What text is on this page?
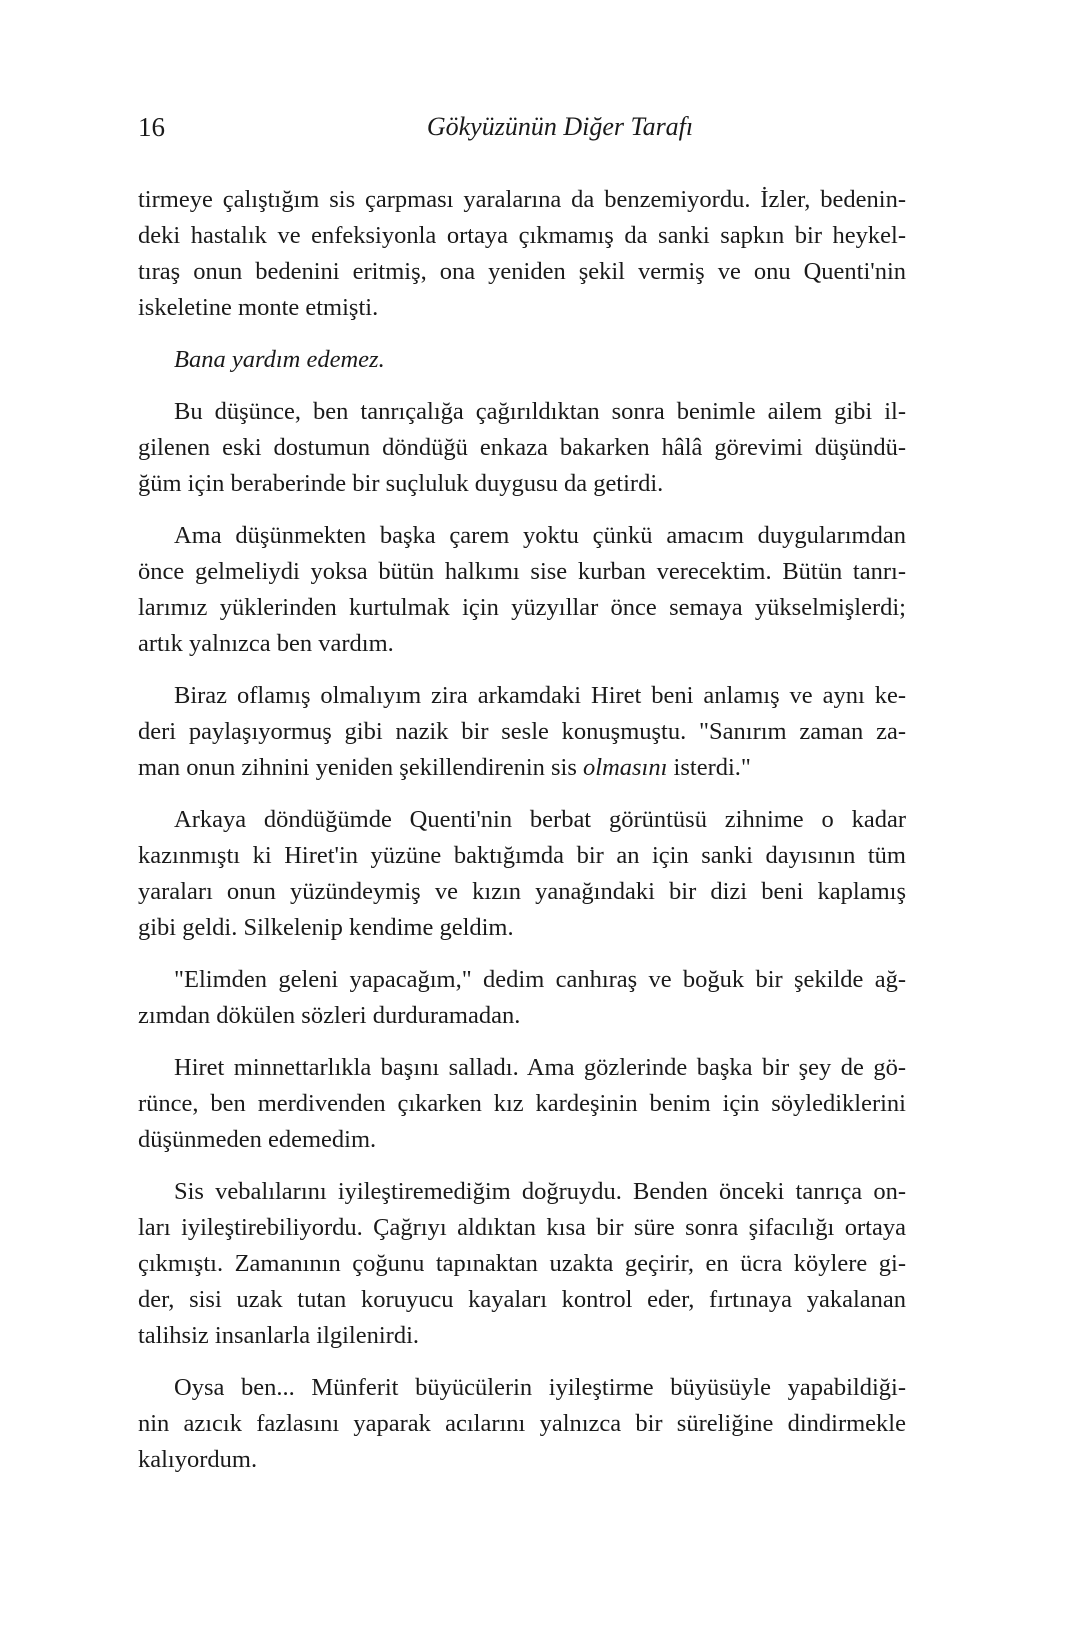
16	Gökyüzünün Diğer Tarafı
tirmeye çalıştığım sis çarpması yaralarına da benzemiyordu. İzler, bedenin-
deki hastalık ve enfeksiyonla ortaya çıkmamış da sanki sapkın bir heykel-
tıraş onun bedenini eritmiş, ona yeniden şekil vermiş ve onu Quenti'nin
iskeletine monte etmişti.
Bana yardım edemez.
Bu düşünce, ben tanrıçalığa çağırıldıktan sonra benimle ailem gibi il-
gilenen eski dostumun döndüğü enkaza bakarken hâlâ görevimi düşündü-
ğüm için beraberinde bir suçluluk duygusu da getirdi.
Ama düşünmekten başka çarem yoktu çünkü amacım duygularımdan
önce gelmeliydi yoksa bütün halkımı sise kurban verecektim. Bütün tanrı-
larımız yüklerinden kurtulmak için yüzyıllar önce semaya yükselmişlerdi;
artık yalnızca ben vardım.
Biraz oflamış olmalıyım zira arkamdaki Hiret beni anlamış ve aynı ke-
deri paylaşıyormuş gibi nazik bir sesle konuşmuştu. "Sanırım zaman za-
man onun zihnini yeniden şekillendirenin sis olmasını isterdi."
Arkaya döndüğümde Quenti'nin berbat görüntüsü zihnime o kadar
kazınmıştı ki Hiret'in yüzüne baktığımda bir an için sanki dayısının tüm
yaraları onun yüzündeymiş ve kızın yanağındaki bir dizi beni kaplamış
gibi geldi. Silkelenip kendime geldim.
"Elimden geleni yapacağım," dedim canhıraş ve boğuk bir şekilde ağ-
zımdan dökülen sözleri durduramadan.
Hiret minnettarlıkla başını salladı. Ama gözlerinde başka bir şey de gö-
rünce, ben merdivenden çıkarken kız kardeşinin benim için söylediklerini
düşünmeden edemedim.
Sis vebalılarını iyileştiremediğim doğruydu. Benden önceki tanrıça on-
ları iyileştirebiliyordu. Çağrıyı aldıktan kısa bir süre sonra şifacılığı ortaya
çıkmıştı. Zamanının çoğunu tapınaktan uzakta geçirir, en ücra köylere gi-
der, sisi uzak tutan koruyucu kayaları kontrol eder, fırtınaya yakalanan
talihsiz insanlarla ilgilenirdi.
Oysa ben... Münferit büyücülerin iyileştirme büyüsüyle yapabildiği-
nin azıcık fazlasını yaparak acılarını yalnızca bir süreliğine dindirmekle
kalıyordum.
